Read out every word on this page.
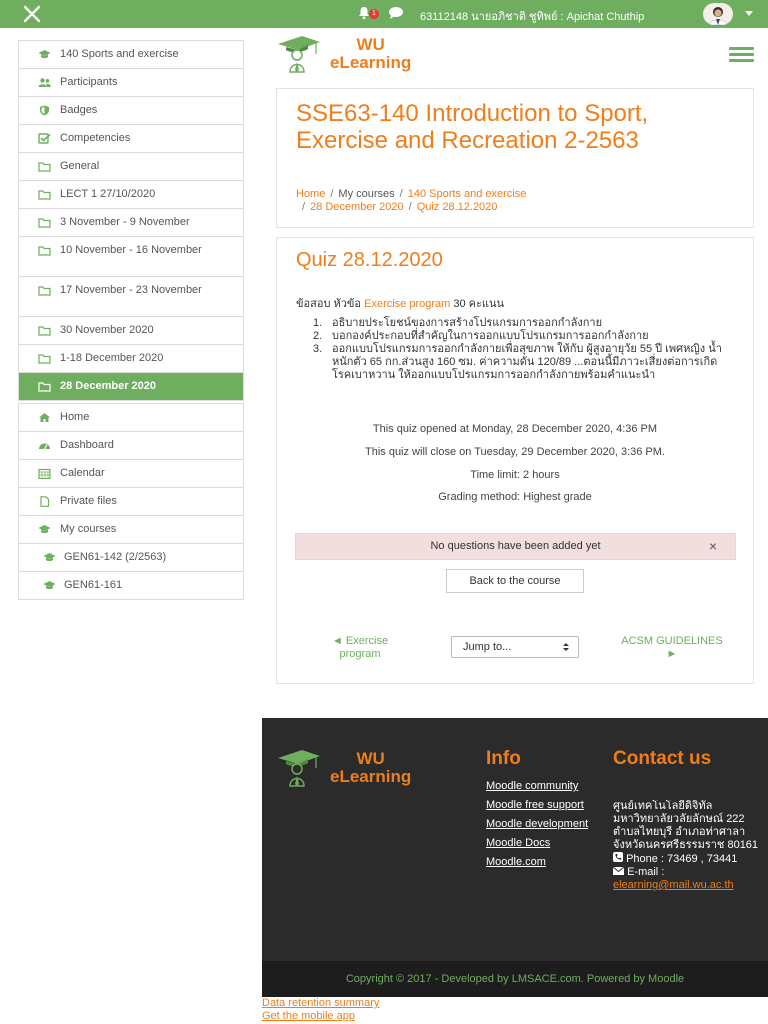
1	63112148 นายอภิชาติ ชูทิพย์ : Apichat Chuthip
140 Sports and exercise
Participants
Badges
Competencies
General
LECT 1 27/10/2020
3 November - 9 November
10 November - 16 November
17 November - 23 November
30 November 2020
1-18 December 2020
28 December 2020
Home
Dashboard
Calendar
Private files
My courses
GEN61-142 (2/2563)
GEN61-161
WU
eLearning
SSE63-140 Introduction to Sport, Exercise and Recreation 2-2563
Home / My courses / 140 Sports and exercise
/ 28 December 2020 / Quiz 28.12.2020
Quiz 28.12.2020
ข้อสอบ หัวข้อ Exercise program 30 คะแนน
1. อธิบายประโยชน์ของการสร้างโปรแกรมการออกกำลังกาย
2. บอกองค์ประกอบที่สำคัญในการออกแบบโปรแกรมการออกกำลังกาย
3. ออกแบบโปรแกรมการออกกำลังกายเพื่อสุขภาพ ให้กับ ผู้สูงอายุวัย 55 ปี เพศหญิง น้ำหนักตัว 65 กก.ส่วนสูง 160 ซม. ค่าความดัน 120/89 ...ตอนนี้มีภาวะเสี่ยงต่อการเกิดโรคเบาหวาน ให้ออกแบบโปรแกรมการออกกำลังกายพร้อมคำแนะนำ
This quiz opened at Monday, 28 December 2020, 4:36 PM
This quiz will close on Tuesday, 29 December 2020, 3:36 PM.
Time limit: 2 hours
Grading method: Highest grade
No questions have been added yet	×
Back to the course
◄ Exercise program
Jump to...	ACSM GUIDELINES ►
WU
eLearning
Info
Moodle community
Moodle free support
Moodle development
Moodle Docs
Moodle.com
Contact us
ศูนย์เทคโนโลยีดิจิทัล มหาวิทยาลัยวลัยลักษณ์ 222 ตำบลไทยบุรี อำเภอท่าศาลา จังหวัดนครศรีธรรมราช 80161
Phone : 73469 , 73441
E-mail :
elearning@mail.wu.ac.th
Copyright © 2017 - Developed by LMSACE.com. Powered by Moodle
Data retention summary
Get the mobile app
